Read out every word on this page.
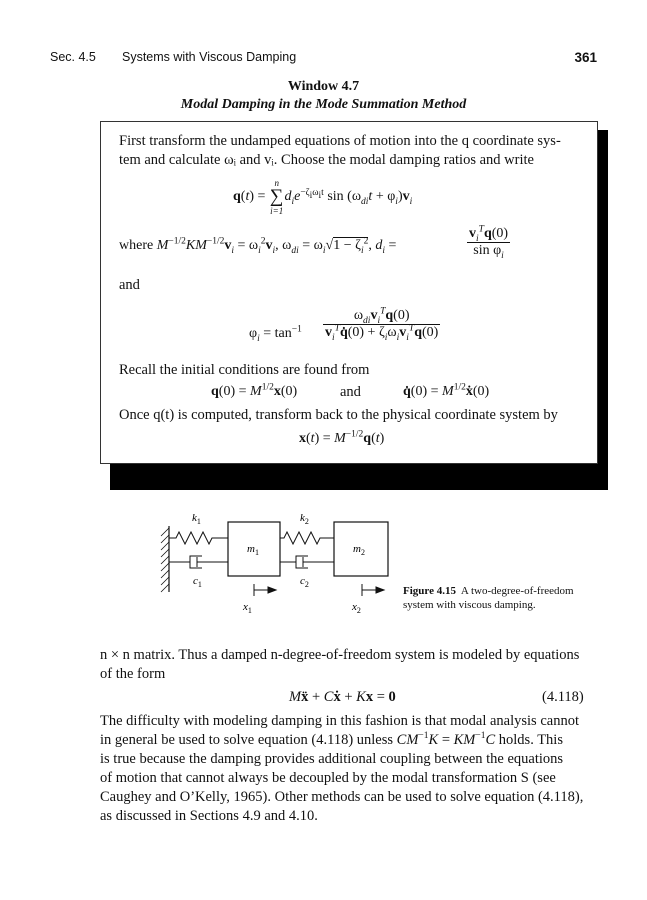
Sec. 4.5 Systems with Viscous Damping	361
Window 4.7
Modal Damping in the Mode Summation Method
First transform the undamped equations of motion into the q coordinate sys-
tem and calculate ωᵢ and vᵢ. Choose the modal damping ratios and write
q(t) =
n
∑
i=1
$d_ie^{-\zeta_i\omega_it}$ $\sin (\omega_{di}t + \varphi_i)v_i$
where $M^{-1/2}KM^{-1/2}v_i = \omega_i^2v_i$, $\omega_{di} = \omega_i√1 - \zeta_i^2$, $d_i$ =	$\frac{v_i^Tq(0)}{\sin \varphi_i}$
and
$\varphi_i = \tan^{-1} \frac{\omega_{di}v_i^Tq(0)}{v_i^Tq̇(0) + \zeta_i\omega_iv_i^Tq(0)}$
Recall the initial conditions are found from
$q(0) = M^{1/2}x(0)$	and	q̇(0) = $M^{1/2}ẋ(0)$
Once q(t) is computed, transform back to the physical coordinate system by
$x(t) = M^{-1/2}q(t)$
$k_1$	$k_2$
$m_1$	$m_2$
$c_1$	$c_2$
$x_1$	$x_2$
Figure 4.15 A two-degree-of-freedom
system with viscous damping.
n × n matrix. Thus a damped n-degree-of-freedom system is modeled by equations
of the form
Mẍ + Cẋ + Kx = 0	(4.118)
The difficulty with modeling damping in this fashion is that modal analysis cannot
in general be used to solve equation (4.118) unless $CM^{-1}K = KM^{-1}C$ holds. This
is true because the damping provides additional coupling between the equations
of motion that cannot always be decoupled by the modal transformation S (see
Caughey and O’Kelly, 1965). Other methods can be used to solve equation (4.118),
as discussed in Sections 4.9 and 4.10.
